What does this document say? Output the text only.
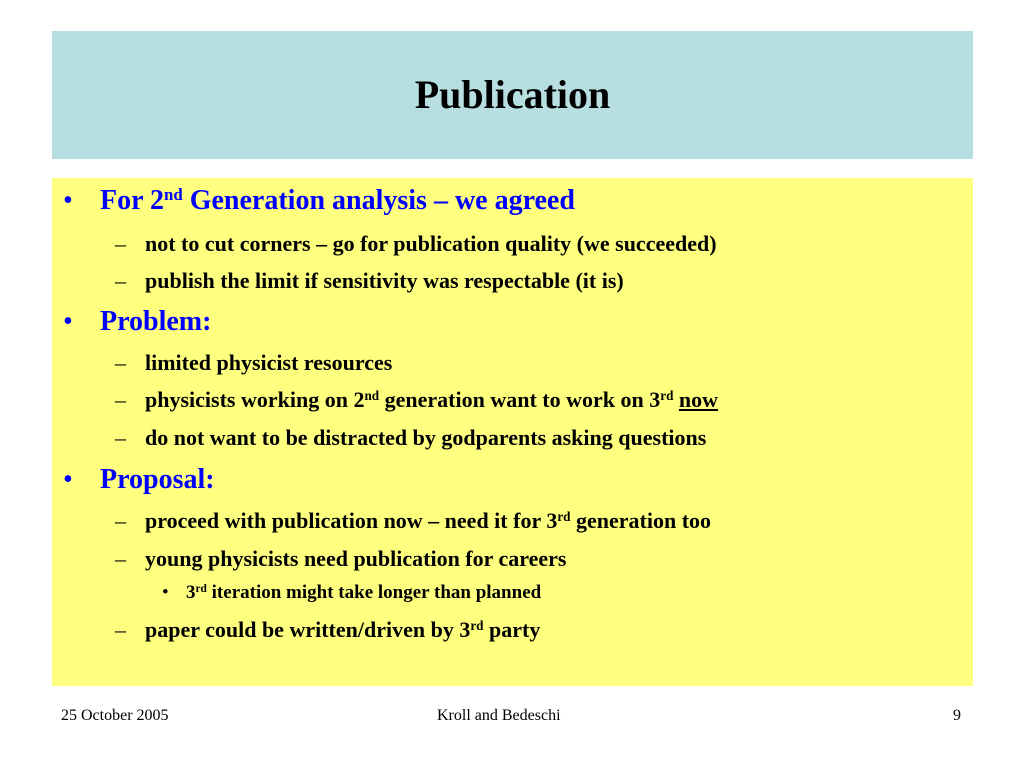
Publication
• For 2nd Generation analysis – we agreed
– not to cut corners – go for publication quality (we succeeded)
– publish the limit if sensitivity was respectable (it is)
• Problem:
– limited physicist resources
– physicists working on 2nd generation want to work on 3rd now
– do not want to be distracted by godparents asking questions
• Proposal:
– proceed with publication now – need it for 3rd generation too
– young physicists need publication for careers
• 3rd iteration might take longer than planned
– paper could be written/driven by 3rd party
25 October 2005	Kroll and Bedeschi	9
